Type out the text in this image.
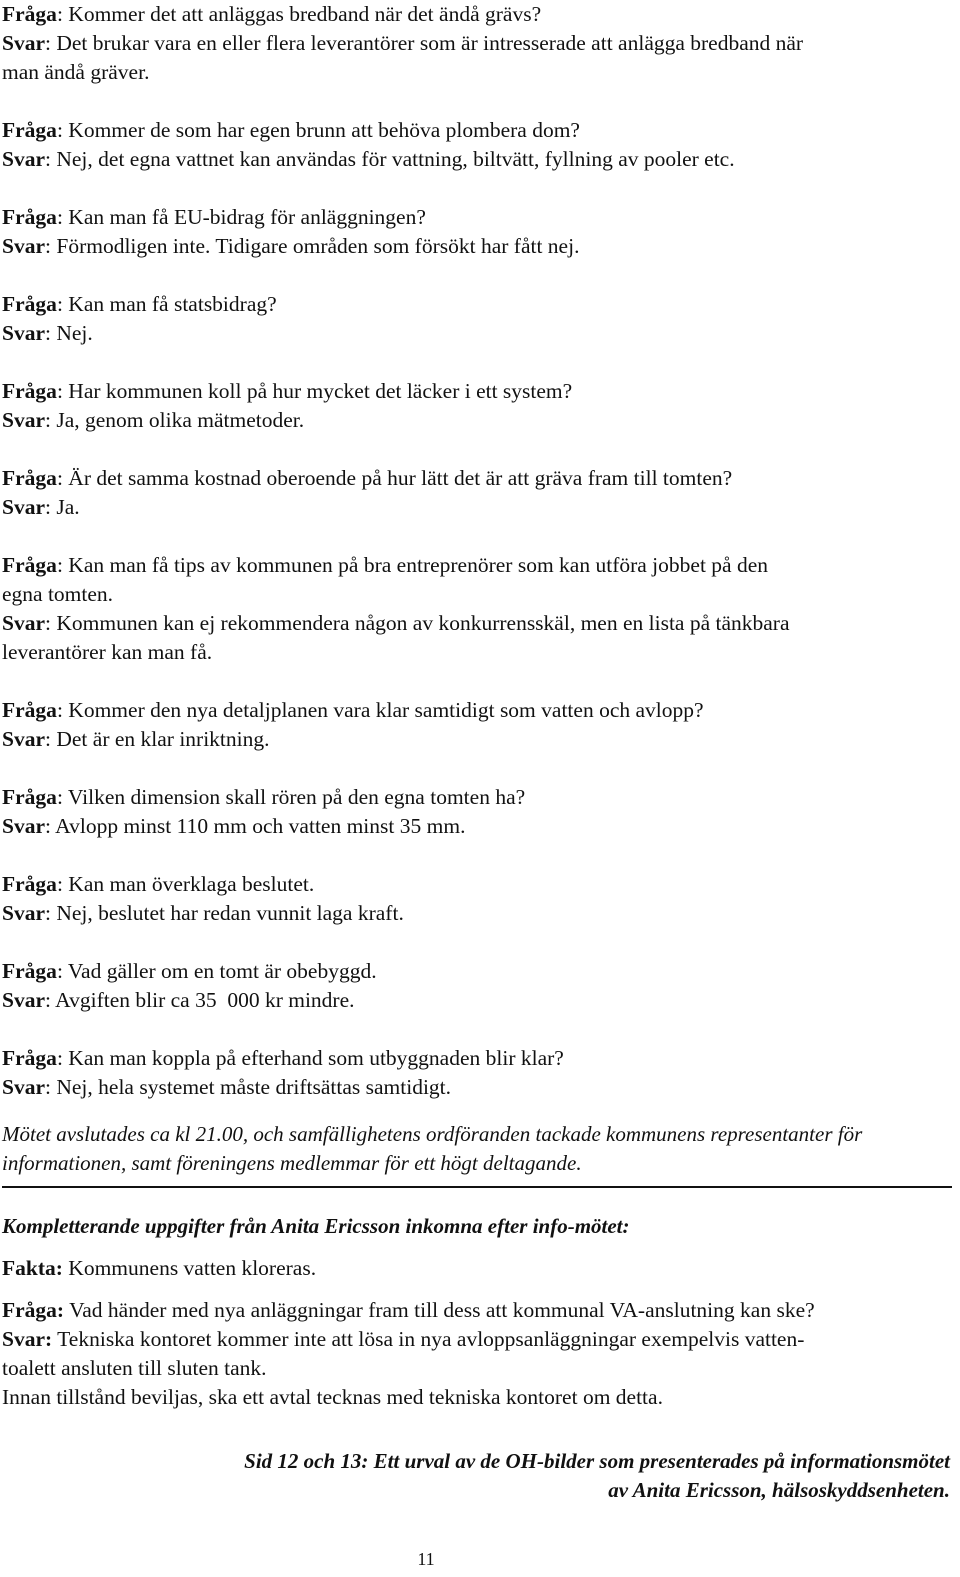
Fråga: Kommer det att anläggas bredband när det ändå grävs?
Svar: Det brukar vara en eller flera leverantörer som är intresserade att anlägga bredband när
man ändå gräver.
Fråga: Kommer de som har egen brunn att behöva plombera dom?
Svar: Nej, det egna vattnet kan användas för vattning, biltvätt, fyllning av pooler etc.
Fråga: Kan man få EU-bidrag för anläggningen?
Svar: Förmodligen inte. Tidigare områden som försökt har fått nej.
Fråga: Kan man få statsbidrag?
Svar: Nej.
Fråga: Har kommunen koll på hur mycket det läcker i ett system?
Svar: Ja, genom olika mätmetoder.
Fråga: Är det samma kostnad oberoende på hur lätt det är att gräva fram till tomten?
Svar: Ja.
Fråga: Kan man få tips av kommunen på bra entreprenörer som kan utföra jobbet på den
egna tomten.
Svar: Kommunen kan ej rekommendera någon av konkurrensskäl, men en lista på tänkbara
leverantörer kan man få.
Fråga: Kommer den nya detaljplanen vara klar samtidigt som vatten och avlopp?
Svar: Det är en klar inriktning.
Fråga: Vilken dimension skall rören på den egna tomten ha?
Svar: Avlopp minst 110 mm och vatten minst 35 mm.
Fråga: Kan man överklaga beslutet.
Svar: Nej, beslutet har redan vunnit laga kraft.
Fråga: Vad gäller om en tomt är obebyggd.
Svar: Avgiften blir ca 35  000 kr mindre.
Fråga: Kan man koppla på efterhand som utbyggnaden blir klar?
Svar: Nej, hela systemet måste driftsättas samtidigt.
Mötet avslutades ca kl 21.00, och samfällighetens ordföranden tackade kommunens representanter för
informationen, samt föreningens medlemmar för ett högt deltagande.
Kompletterande uppgifter från Anita Ericsson inkomna efter info-mötet:
Fakta: Kommunens vatten kloreras.
Fråga: Vad händer med nya anläggningar fram till dess att kommunal VA-anslutning kan ske?
Svar: Tekniska kontoret kommer inte att lösa in nya avloppsanläggningar exempelvis vatten-
toalett ansluten till sluten tank.
Innan tillstånd beviljas, ska ett avtal tecknas med tekniska kontoret om detta.
Sid 12 och 13: Ett urval av de OH-bilder som presenterades på informationsmötet
av Anita Ericsson, hälsoskyddsenheten.
11
